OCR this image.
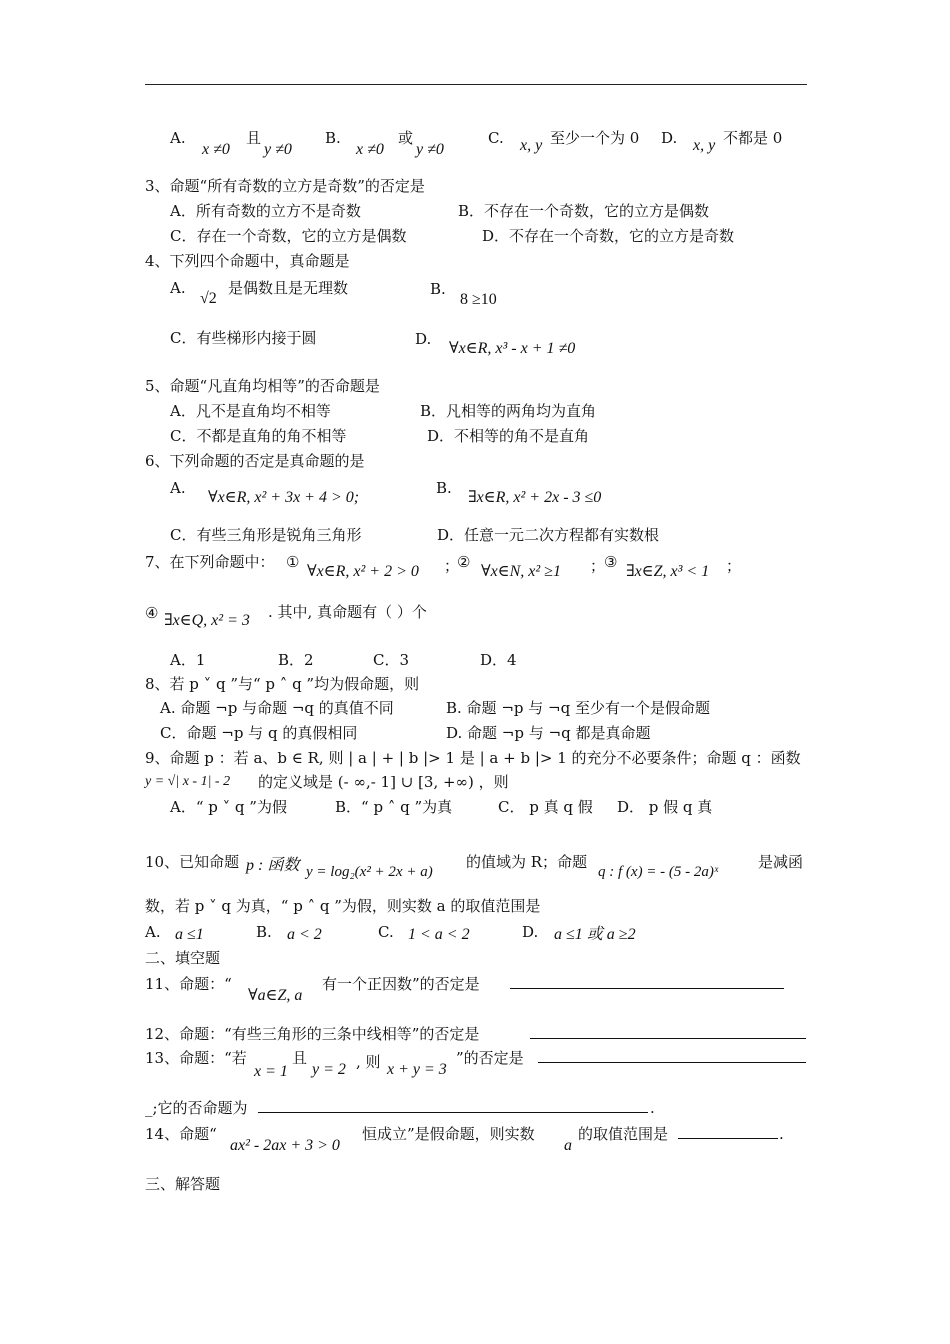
A.
x ≠0
且
y ≠0
B.
x ≠0
或
y ≠0
C. x, y 至少一个为 0 D. x, y 不都是 0
3、命题“所有奇数的立方是奇数”的否定是
A．所有奇数的立方不是奇数	B．不存在一个奇数，它的立方是偶数
C．存在一个奇数，它的立方是偶数	D．不存在一个奇数，它的立方是奇数
4、下列四个命题中，真命题是
A.
√2
是偶数且是无理数	B.
8 ≥10
C．有些梯形内接于圆	D.
∀x∈R, x³ - x + 1 ≠0
5、命题“凡直角均相等”的否命题是
A．凡不是直角均不相等	B．凡相等的两角均为直角
C．不都是直角的角不相等	D．不相等的角不是直角
6、下列命题的否定是真命题的是
A.
∀x∈R, x² + 3x + 4 > 0;
B.
∃x∈R, x² + 2x - 3 ≤0
C．有些三角形是锐角三角形	D．任意一元二次方程都有实数根
7、在下列命题中： ①
∀x∈R, x² + 2 > 0 ；
②
∀x∈N, x² ≥1 ；
③
∃x∈Z, x³ < 1 ；
④ ∃x∈Q, x² = 3 . 其中, 真命题有（ ）个
A．1	B．2	C．3	D．4
8、若 p ˅ q ”与“ p ˄ q ”均为假命题，则
A. 命题 ¬p 与命题 ¬q 的真值不同	B. 命题 ¬p 与 ¬q 至少有一个是假命题
C．命题 ¬p 与 q 的真假相同	D. 命题 ¬p 与 ¬q 都是真命题
9、命题 p ：若 a、b ∈ R, 则 | a | + | b |> 1 是 | a + b |> 1 的充分不必要条件；命题 q ：函数
y = √| x - 1| - 2 的定义域是 (- ∞,- 1] ∪ [3, +∞) ，则
A．“ p ˅ q ”为假	B．“ p ˄ q ”为真	C． p 真 q 假 D． p 假 q 真
10、已知命题 p : 函数 y = log₂(x² + 2x + a)
的值域为 R；命题
q : f (x) = - (5 - 2a)ˣ
是减函
数，若 p ˅ q 为真，“ p ˄ q ”为假，则实数 a 的取值范围是
A. a ≤1	B. a < 2	C. 1 < a < 2	D. a ≤1 或 a ≥2
二、填空题
11、命题：“
∀a∈Z, a
有一个正因数”的否定是
12、命题：“有些三角形的三条中线相等”的否定是
13、命题：“若
x = 1
且
y = 2 , 则 x + y = 3
”的否定是
_;它的否命题为	.
14、命题“
ax² - 2ax + 3 > 0
恒成立”是假命题，则实数
a
的取值范围是	.
三、解答题
